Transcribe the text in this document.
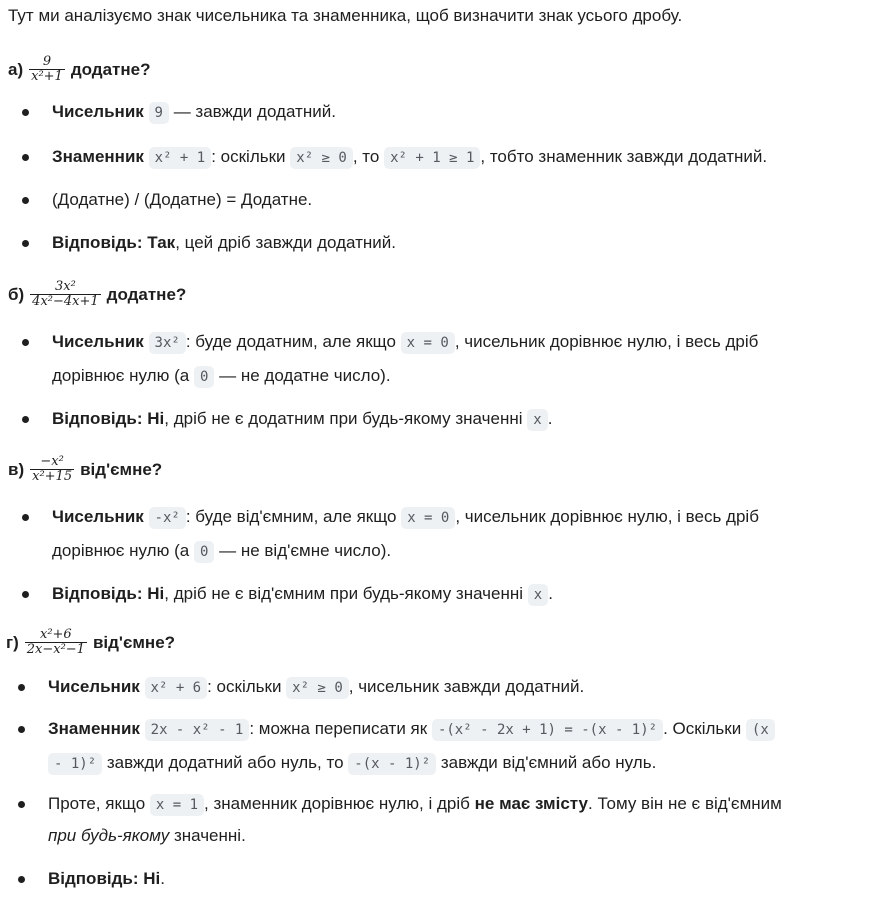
Тут ми аналізуємо знак чисельника та знаменника, щоб визначити знак усього дробу.
$а) \frac{9}{\text{x²+1}}$ додатне?
Чисельник 9 — завжди додатний.
Знаменник x² + 1 : оскільки x² ≥ 0 , то x² + 1 ≥ 1 , тобто знаменник завжди додатний.
(Додатне) / (Додатне) = Додатне.
Відповідь: Так, цей дріб завжди додатний.
$б) \frac{\text{3x²}}{\text{4x²−4x+1}}$ додатне?
Чисельник 3x² : буде додатним, але якщо x = 0 , чисельник дорівнює нулю, і весь дріб
дорівнює нулю (а 0 — не додатне число).
Відповідь: Ні, дріб не є додатним при будь-якому значенні x .
$в) \frac{\text{−x²}}{\text{x²+15}}$ від'ємне?
Чисельник -x² : буде від'ємним, але якщо x = 0 , чисельник дорівнює нулю, і весь дріб
дорівнює нулю (а 0 — не від'ємне число).
Відповідь: Ні, дріб не є від'ємним при будь-якому значенні x .
$г) \frac{\text{x²+6}}{\text{2x−x²−1}}$ від'ємне?
Чисельник x² + 6 : оскільки x² ≥ 0 , чисельник завжди додатний.
Знаменник 2x - x² - 1 : можна переписати як -(x² - 2x + 1) = -(x - 1)² . Оскільки (x
- 1)² завжди додатний або нуль, то -(x - 1)² завжди від'ємний або нуль.
Проте, якщо x = 1 , знаменник дорівнює нулю, і дріб не має змісту. Тому він не є від'ємним
при будь-якому значенні.
Відповідь: Ні.
